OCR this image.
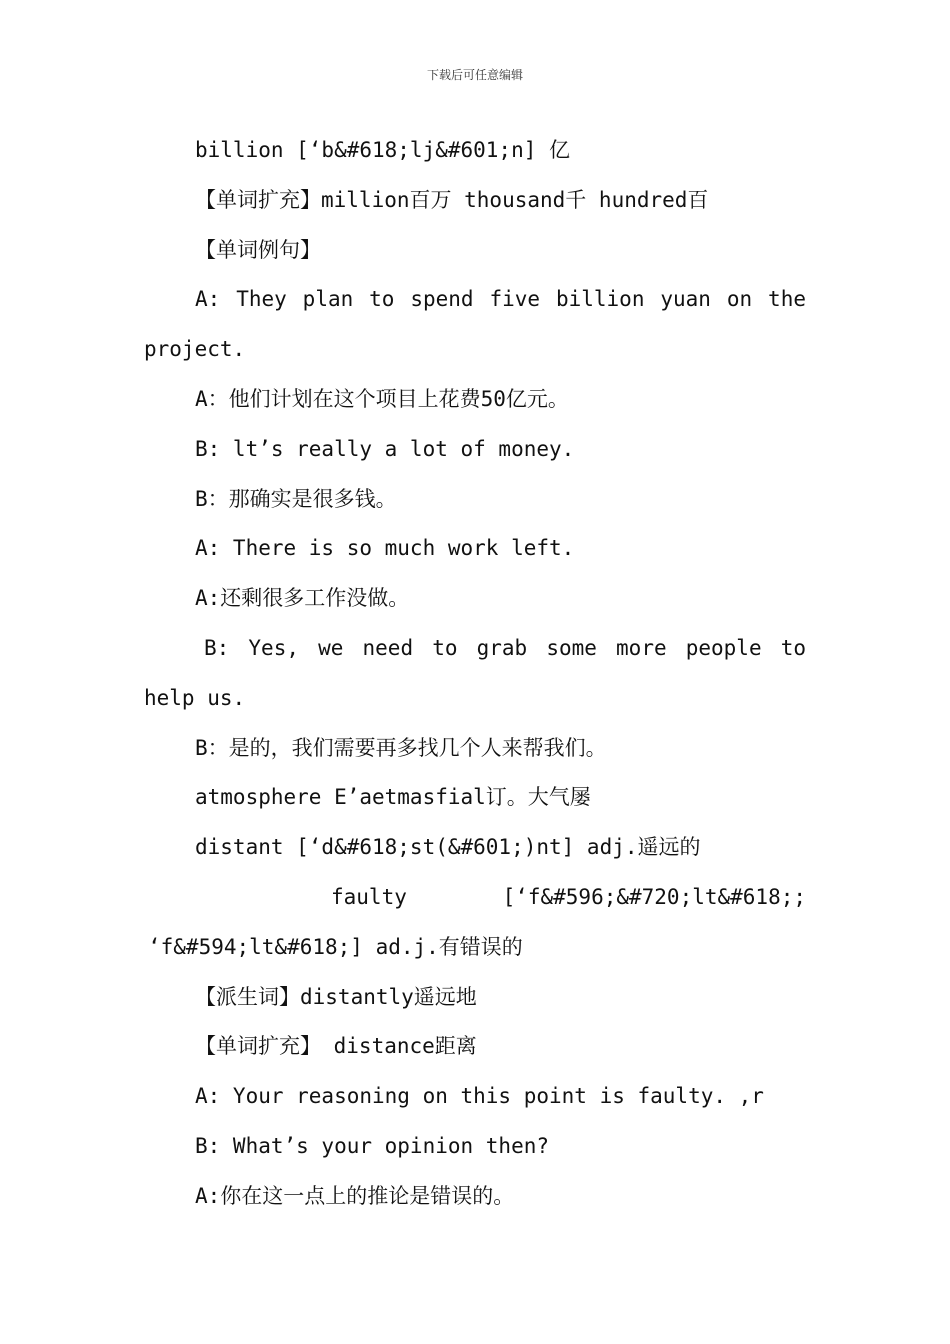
下载后可任意编辑
billion [‘b&#618;lj&#601;n] 亿
【单词扩充】million百万 thousand千 hundred百
【单词例句】
A: They plan to spend five billion yuan on the
project.
A：他们计划在这个项目上花费50亿元。
B: lt’s really a lot of money.
B：那确实是很多钱。
A: There is so much work left.
A:还剩很多工作没做。
B: Yes, we need to grab some more people to
help us.
B：是的，我们需要再多找几个人来帮我们。
atmosphere E’aetmasfial订。大气屡
distant [‘d&#618;st(&#601;)nt] adj.遥远的
faulty [‘f&#596;&#720;lt&#618;;
‘f&#594;lt&#618;] ad.j.有错误的
【派生词】distantly遥远地
【单词扩充】 distance距离
A: Your reasoning on this point is faulty. ,r
B: What’s your opinion then?
A:你在这一点上的推论是错误的。
